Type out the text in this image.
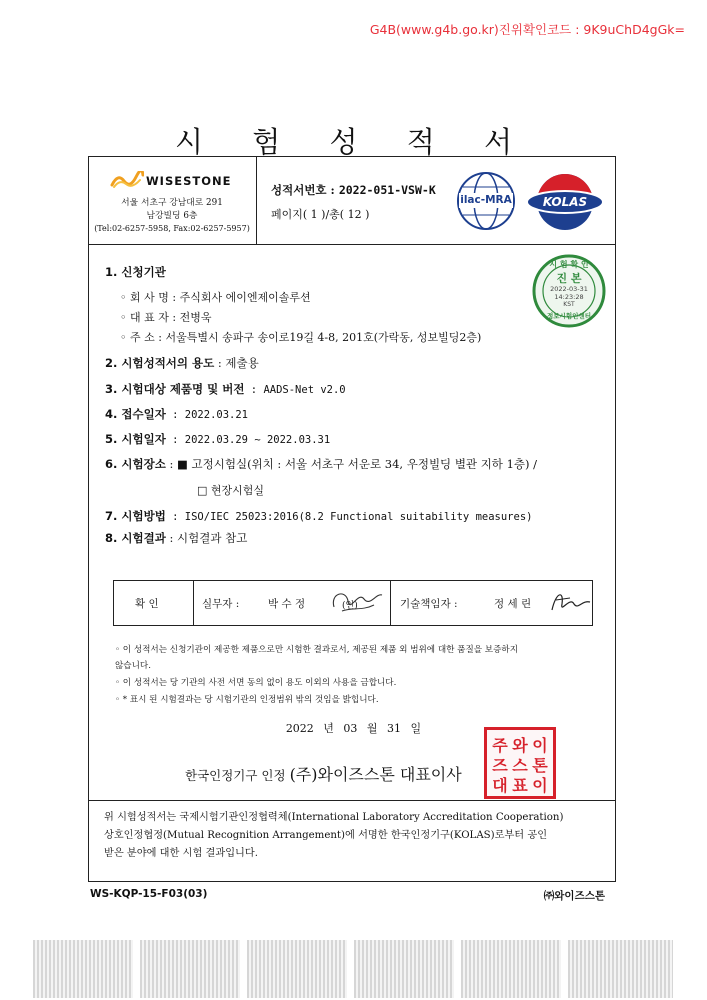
G4B(www.g4b.go.kr)진위확인코드 : 9K9uChD4gGk=
시 험 성 적 서
WISESTONE
서울 서초구 강남대로 291
남강빌딩 6층
(Tel:02-6257-5958, Fax:02-6257-5957)
성적서번호 : 2022-051-VSW-K
페이지( 1 )/총( 12 )
ilac-MRA	KOLAS
시 험 확 인
진 본
2022-03-31
14:23:28
KST
정보시험인센터
1. 신청기관
◦ 회 사 명 : 주식회사 에이엔제이솔루션
◦ 대 표 자 : 전병욱
◦ 주 소 : 서울특별시 송파구 송이로19길 4-8, 201호(가락동, 성보빌딩2층)
2. 시험성적서의 용도 : 제출용
3. 시험대상 제품명 및 버전 : AADS-Net v2.0
4. 접수일자 : 2022.03.21
5. 시험일자 : 2022.03.29 ~ 2022.03.31
6. 시험장소 : ■ 고정시험실(위치 : 서울 서초구 서운로 34, 우정빌딩 별관 지하 1층) /
□ 현장시험실
7. 시험방법 : ISO/IEC 25023:2016(8.2 Functional suitability measures)
8. 시험결과 : 시험결과 참고
확 인	실무자 :	박 수 정	(인)	기술책임자 :	정 세 린
◦ 이 성적서는 신청기관이 제공한 제품으로만 시험한 결과로서, 제공된 제품 외 범위에 대한 품질을 보증하지
않습니다.
◦ 이 성적서는 당 기관의 사전 서면 동의 없이 용도 이외의 사용을 금합니다.
◦ * 표시 된 시험결과는 당 시험기관의 인정범위 밖의 것임을 밝힙니다.
2022 년 03 월 31 일
한국인정기구 인정 (주)와이즈스톤 대표이사
주 와 이
즈 스 톤
대 표 이
위 시험성적서는 국제시험기관인정협력체(International Laboratory Accreditation Cooperation)
상호인정협정(Mutual Recognition Arrangement)에 서명한 한국인정기구(KOLAS)로부터 공인
받은 분야에 대한 시험 결과입니다.
WS-KQP-15-F03(03)	㈜와이즈스톤
